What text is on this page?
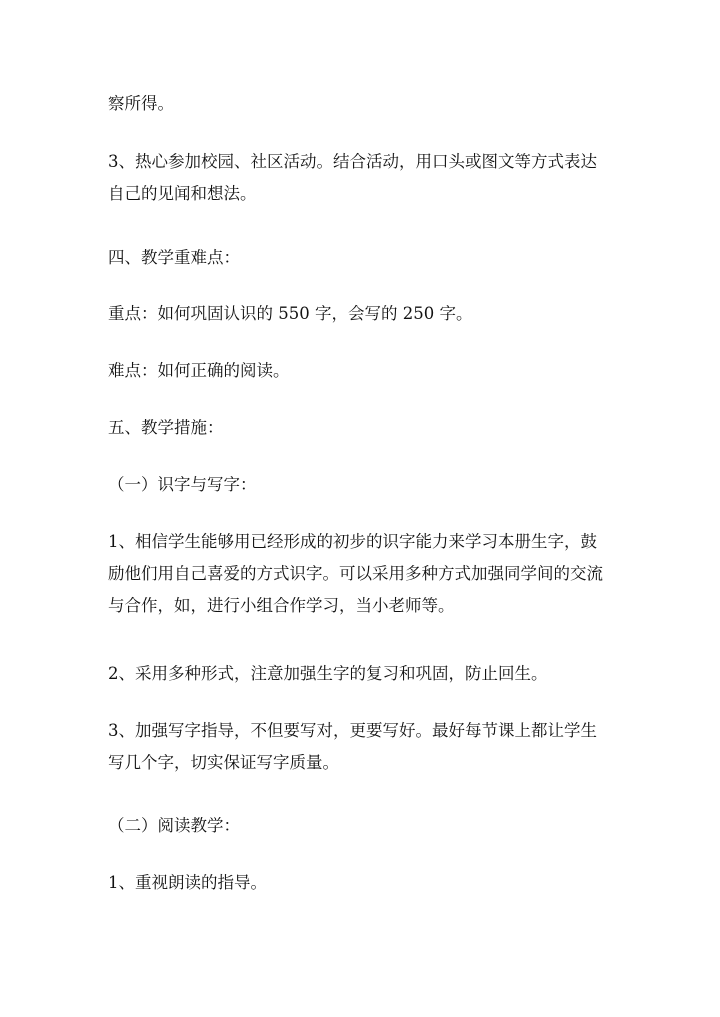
察所得。

3、热心参加校园、社区活动。结合活动，用口头或图文等方式表达
自己的见闻和想法。

四、教学重难点：

重点：如何巩固认识的 550 字，会写的 250 字。

难点：如何正确的阅读。

五、教学措施：

（一）识字与写字：

1、相信学生能够用已经形成的初步的识字能力来学习本册生字，鼓
励他们用自己喜爱的方式识字。可以采用多种方式加强同学间的交流
与合作，如，进行小组合作学习，当小老师等。

2、采用多种形式，注意加强生字的复习和巩固，防止回生。

3、加强写字指导，不但要写对，更要写好。最好每节课上都让学生
写几个字，切实保证写字质量。

（二）阅读教学：

1、重视朗读的指导。
